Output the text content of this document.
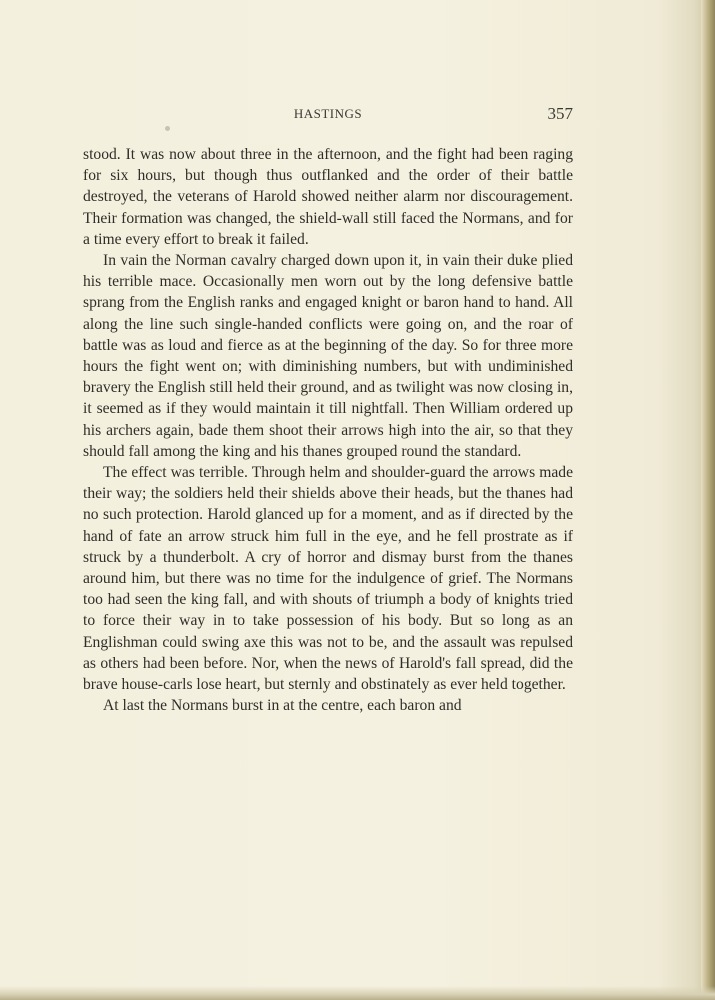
HASTINGS	357

stood. It was now about three in the afternoon, and the fight had been raging for six hours, but though thus outflanked and the order of their battle destroyed, the veterans of Harold showed neither alarm nor discouragement. Their formation was changed, the shield-wall still faced the Normans, and for a time every effort to break it failed.

In vain the Norman cavalry charged down upon it, in vain their duke plied his terrible mace. Occasionally men worn out by the long defensive battle sprang from the English ranks and engaged knight or baron hand to hand. All along the line such single-handed conflicts were going on, and the roar of battle was as loud and fierce as at the beginning of the day. So for three more hours the fight went on; with diminishing numbers, but with undiminished bravery the English still held their ground, and as twilight was now closing in, it seemed as if they would maintain it till nightfall. Then William ordered up his archers again, bade them shoot their arrows high into the air, so that they should fall among the king and his thanes grouped round the standard.

The effect was terrible. Through helm and shoulder-guard the arrows made their way; the soldiers held their shields above their heads, but the thanes had no such protection. Harold glanced up for a moment, and as if directed by the hand of fate an arrow struck him full in the eye, and he fell prostrate as if struck by a thunderbolt. A cry of horror and dismay burst from the thanes around him, but there was no time for the indulgence of grief. The Normans too had seen the king fall, and with shouts of triumph a body of knights tried to force their way in to take possession of his body. But so long as an Englishman could swing axe this was not to be, and the assault was repulsed as others had been before. Nor, when the news of Harold's fall spread, did the brave house-carls lose heart, but sternly and obstinately as ever held together.

At last the Normans burst in at the centre, each baron and
